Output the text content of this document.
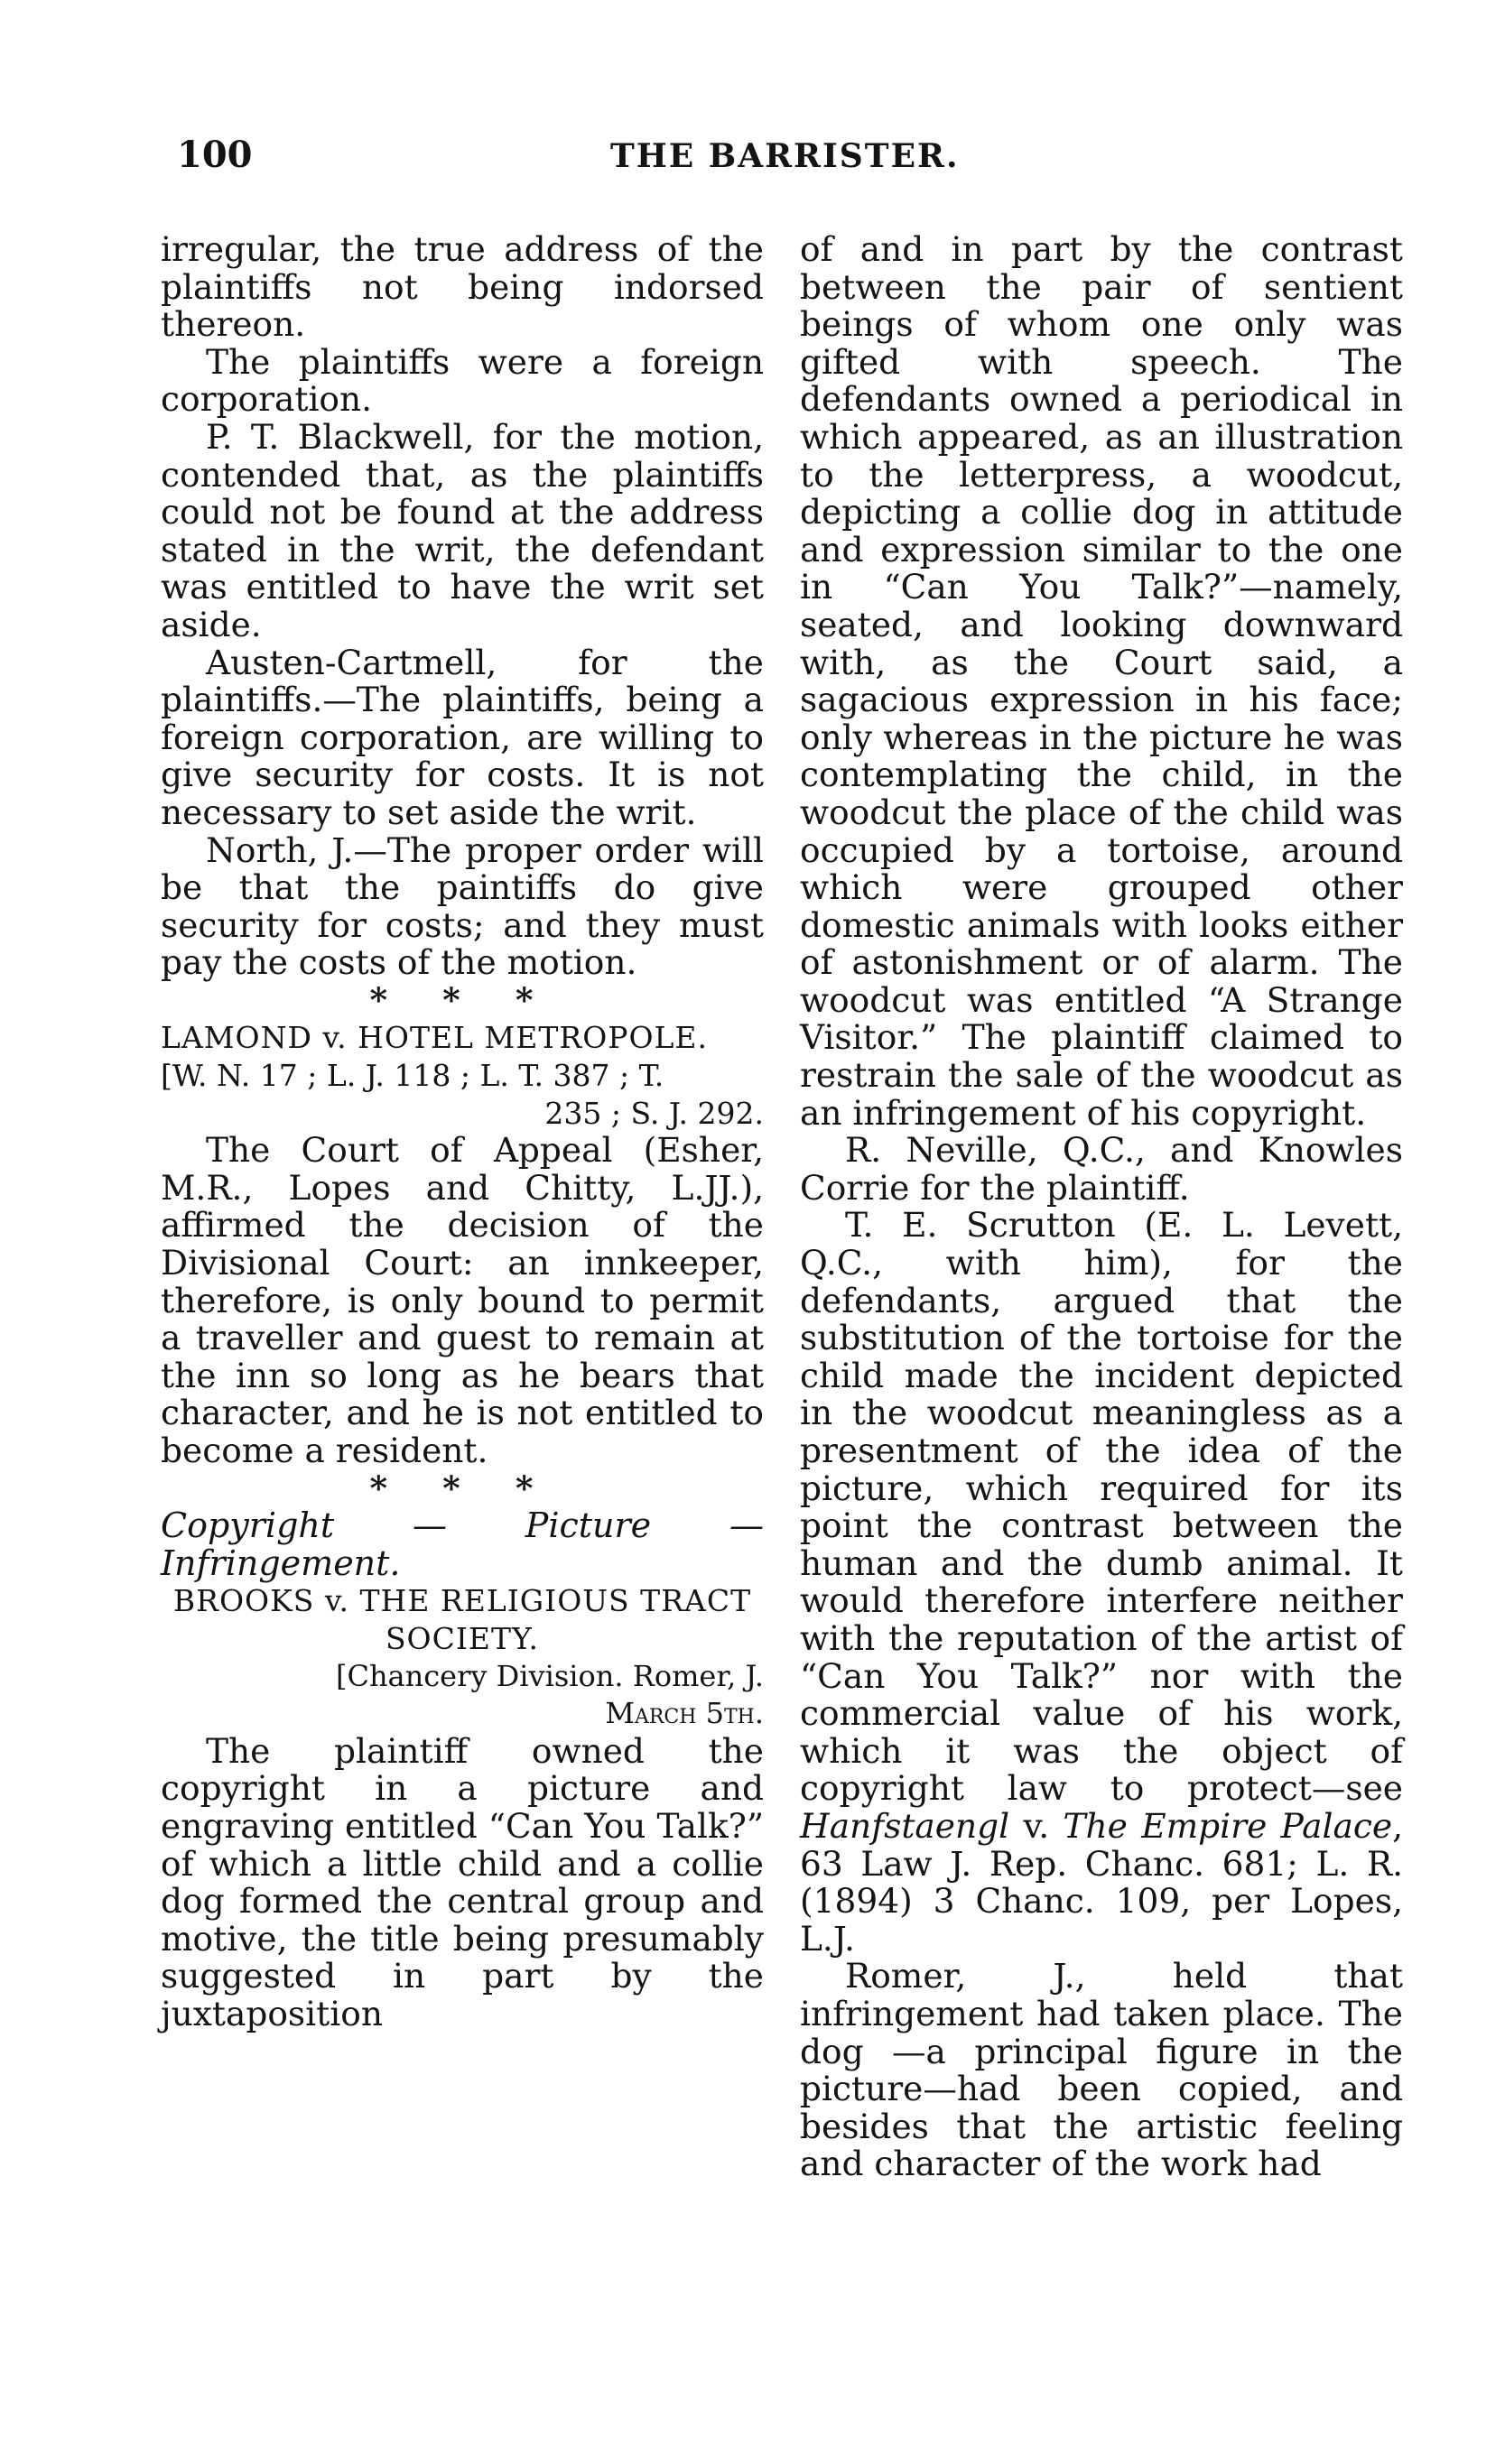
100	THE BARRISTER.

irregular, the true address of the plaintiffs not being indorsed thereon.

The plaintiffs were a foreign corporation.

P. T. Blackwell, for the motion, contended that, as the plaintiffs could not be found at the address stated in the writ, the defendant was entitled to have the writ set aside.

Austen-Cartmell, for the plaintiffs.—The plaintiffs, being a foreign corporation, are willing to give security for costs. It is not necessary to set aside the writ.

North, J.—The proper order will be that the paintiffs do give security for costs; and they must pay the costs of the motion.

* * *

LAMOND v. HOTEL METROPOLE.

[W. N. 17 ; L. J. 118 ; L. T. 387 ; T.
235 ; S. J. 292.

The Court of Appeal (Esher, M.R., Lopes and Chitty, L.JJ.), affirmed the decision of the Divisional Court: an innkeeper, therefore, is only bound to permit a traveller and guest to remain at the inn so long as he bears that character, and he is not entitled to become a resident.

* * *

Copyright — Picture — Infringement.

BROOKS v. THE RELIGIOUS TRACT SOCIETY.

[Chancery Division. Romer, J.
March 5th.

The plaintiff owned the copyright in a picture and engraving entitled “Can You Talk?” of which a little child and a collie dog formed the central group and motive, the title being presumably suggested in part by the juxtaposition

of and in part by the contrast between the pair of sentient beings of whom one only was gifted with speech. The defendants owned a periodical in which appeared, as an illustration to the letterpress, a woodcut, depicting a collie dog in attitude and expression similar to the one in “Can You Talk?”—namely, seated, and looking downward with, as the Court said, a sagacious expression in his face; only whereas in the picture he was contemplating the child, in the woodcut the place of the child was occupied by a tortoise, around which were grouped other domestic animals with looks either of astonishment or of alarm. The woodcut was entitled “A Strange Visitor.” The plaintiff claimed to restrain the sale of the woodcut as an infringement of his copyright.

R. Neville, Q.C., and Knowles Corrie for the plaintiff.

T. E. Scrutton (E. L. Levett, Q.C., with him), for the defendants, argued that the substitution of the tortoise for the child made the incident depicted in the woodcut meaningless as a presentment of the idea of the picture, which required for its point the contrast between the human and the dumb animal. It would therefore interfere neither with the reputation of the artist of “Can You Talk?” nor with the commercial value of his work, which it was the object of copyright law to protect—see Hanfstaengl v. The Empire Palace, 63 Law J. Rep. Chanc. 681; L. R. (1894) 3 Chanc. 109, per Lopes, L.J.

Romer, J., held that infringement had taken place. The dog —a principal figure in the picture—had been copied, and besides that the artistic feeling and character of the work had
